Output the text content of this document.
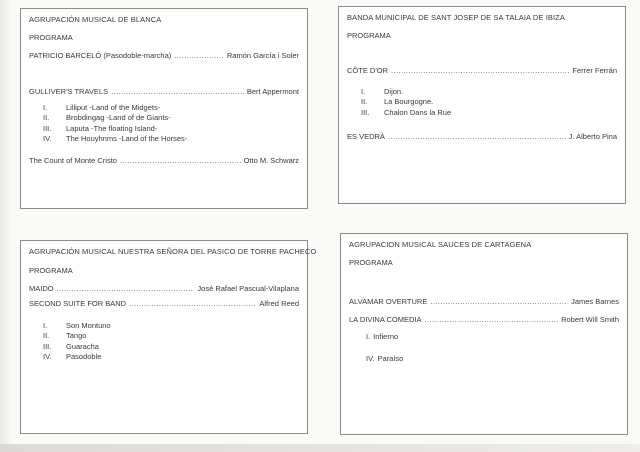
AGRUPACIÓN MUSICAL DE BLANCA
PROGRAMA
PATRICIO BARCELÓ (Pasodoble-marcha) .....	Ramón García i Soler
GULLIVER'S TRAVELS .....	Bert Appermont
I.	Lilliput -Land of the Midgets-
II.	Brobdingag -Land of de Giants-
III.	Laputa -The floating Island-
IV.	The Houyhnms -Land of the Horses-
The Count of Monte Cristo .....	Otto M. Schwarz
BANDA MUNICIPAL DE SANT JOSEP DE SA TALAIA DE IBIZA
PROGRAMA
CÔTE D'OR .....	Ferrer Ferrán
I.	Dijon.
II.	La Bourgogne.
III.	Chalon Dans la Rue
ES VEDRÀ .....	J. Alberto Pina
AGRUPACIÓN MUSICAL NUESTRA SEÑORA DEL PASICO DE TORRE PACHECO
PROGRAMA
MAIDO .....	José Rafael Pascual-Vilaplana
SECOND SUITE FOR BAND .....	Alfred Reed
I.	Son Montuno
II.	Tango
III.	Guaracha
IV.	Pasodoble
AGRUPACION MUSICAL SAUCES DE CARTAGENA
PROGRAMA
ALVAMAR OVERTURE .....	James Barnes
LA DIVINA COMEDIA .....	Robert Will Smith
I. Infierno
IV. Paraíso
